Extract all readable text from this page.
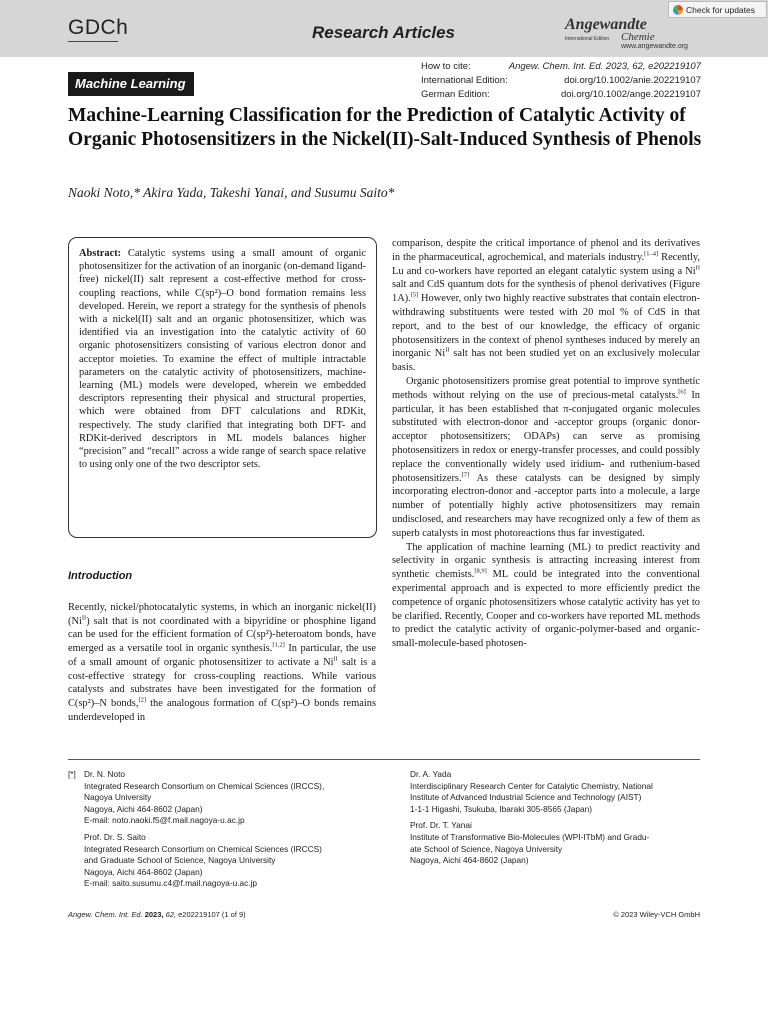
GDCh	Research Articles	Angewandte
International Edition Chemie
www.angewandte.org
Check for updates
Machine Learning
How to cite:	Angew. Chem. Int. Ed. 2023, 62, e202219107
International Edition:	doi.org/10.1002/anie.202219107
German Edition:	doi.org/10.1002/ange.202219107
Machine-Learning Classification for the Prediction of Catalytic Activity of Organic Photosensitizers in the Nickel(II)-Salt-Induced Synthesis of Phenols
Naoki Noto,* Akira Yada, Takeshi Yanai, and Susumu Saito*
Abstract: Catalytic systems using a small amount of organic photosensitizer for the activation of an inorganic (on-demand ligand-free) nickel(II) salt represent a cost-effective method for cross-coupling reactions, while C(sp²)–O bond formation remains less developed. Herein, we report a strategy for the synthesis of phenols with a nickel(II) salt and an organic photosensitizer, which was identified via an investigation into the catalytic activity of 60 organic photosensitizers consisting of various electron donor and acceptor moieties. To examine the effect of multiple intractable parameters on the catalytic activity of photosensitizers, machine-learning (ML) models were developed, wherein we embedded descriptors representing their physical and structural properties, which were obtained from DFT calculations and RDKit, respectively. The study clarified that integrating both DFT- and RDKit-derived descriptors in ML models balances higher “precision” and “recall” across a wide range of search space relative to using only one of the two descriptor sets.
Introduction
Recently, nickel/photocatalytic systems, in which an inorganic nickel(II) $(Ni^{II})$ salt that is not coordinated with a bipyridine or phosphine ligand can be used for the efficient formation of C(sp²)-heteroatom bonds, have emerged as a versatile tool in organic synthesis.[1,2] In particular, the use of a small amount of organic photosensitizer to activate a $Ni^{II}$ salt is a cost-effective strategy for cross-coupling reactions. While various catalysts and substrates have been investigated for the formation of C(sp²)–N bonds,[2] the analogous formation of C(sp²)–O bonds remains underdeveloped in

comparison, despite the critical importance of phenol and its derivatives in the pharmaceutical, agrochemical, and materials industry.[1–4] Recently, Lu and co-workers have reported an elegant catalytic system using a $Ni^{II}$ salt and CdS quantum dots for the synthesis of phenol derivatives (Figure 1A).[5] However, only two highly reactive substrates that contain electron-withdrawing substituents were tested with 20 mol % of CdS in that report, and to the best of our knowledge, the efficacy of organic photosensitizers in the context of phenol syntheses induced by merely an inorganic $Ni^{II}$ salt has not been studied yet on an exclusively molecular basis.

Organic photosensitizers promise great potential to improve synthetic methods without relying on the use of precious-metal catalysts.[6] In particular, it has been established that π-conjugated organic molecules substituted with electron-donor and -acceptor groups (organic donor-acceptor photosensitizers; ODAPs) can serve as promising photosensitizers in redox or energy-transfer processes, and could possibly replace the conventionally widely used iridium- and ruthenium-based photosensitizers.[7] As these catalysts can be designed by simply incorporating electron-donor and -acceptor parts into a molecule, a large number of potentially highly active photosensitizers may remain undisclosed, and researchers may have recognized only a few of them as superb catalysts in most photoreactions thus far investigated.

The application of machine learning (ML) to predict reactivity and selectivity in organic synthesis is attracting increasing interest from synthetic chemists.[8,9] ML could be integrated into the conventional experimental approach and is expected to more efficiently predict the competence of organic photosensitizers whose catalytic activity has yet to be clarified. Recently, Cooper and co-workers have reported ML methods to predict the catalytic activity of organic-polymer-based and organic-small-molecule-based photosen-

[*] Dr. N. Noto
Integrated Research Consortium on Chemical Sciences (IRCCS),
Nagoya University
Nagoya, Aichi 464-8602 (Japan)
E-mail: noto.naoki.f5@f.mail.nagoya-u.ac.jp
Prof. Dr. S. Saito
Integrated Research Consortium on Chemical Sciences (IRCCS)
and Graduate School of Science, Nagoya University
Nagoya, Aichi 464-8602 (Japan)
E-mail: saito.susumu.c4@f.mail.nagoya-u.ac.jp
Dr. A. Yada
Interdisciplinary Research Center for Catalytic Chemistry, National
Institute of Advanced Industrial Science and Technology (AIST)
1-1-1 Higashi, Tsukuba, Ibaraki 305-8565 (Japan)
Prof. Dr. T. Yanai
Institute of Transformative Bio-Molecules (WPI-ITbM) and Gradu-
ate School of Science, Nagoya University
Nagoya, Aichi 464-8602 (Japan)
Angew. Chem. Int. Ed. 2023, 62, e202219107 (1 of 9)	© 2023 Wiley-VCH GmbH
